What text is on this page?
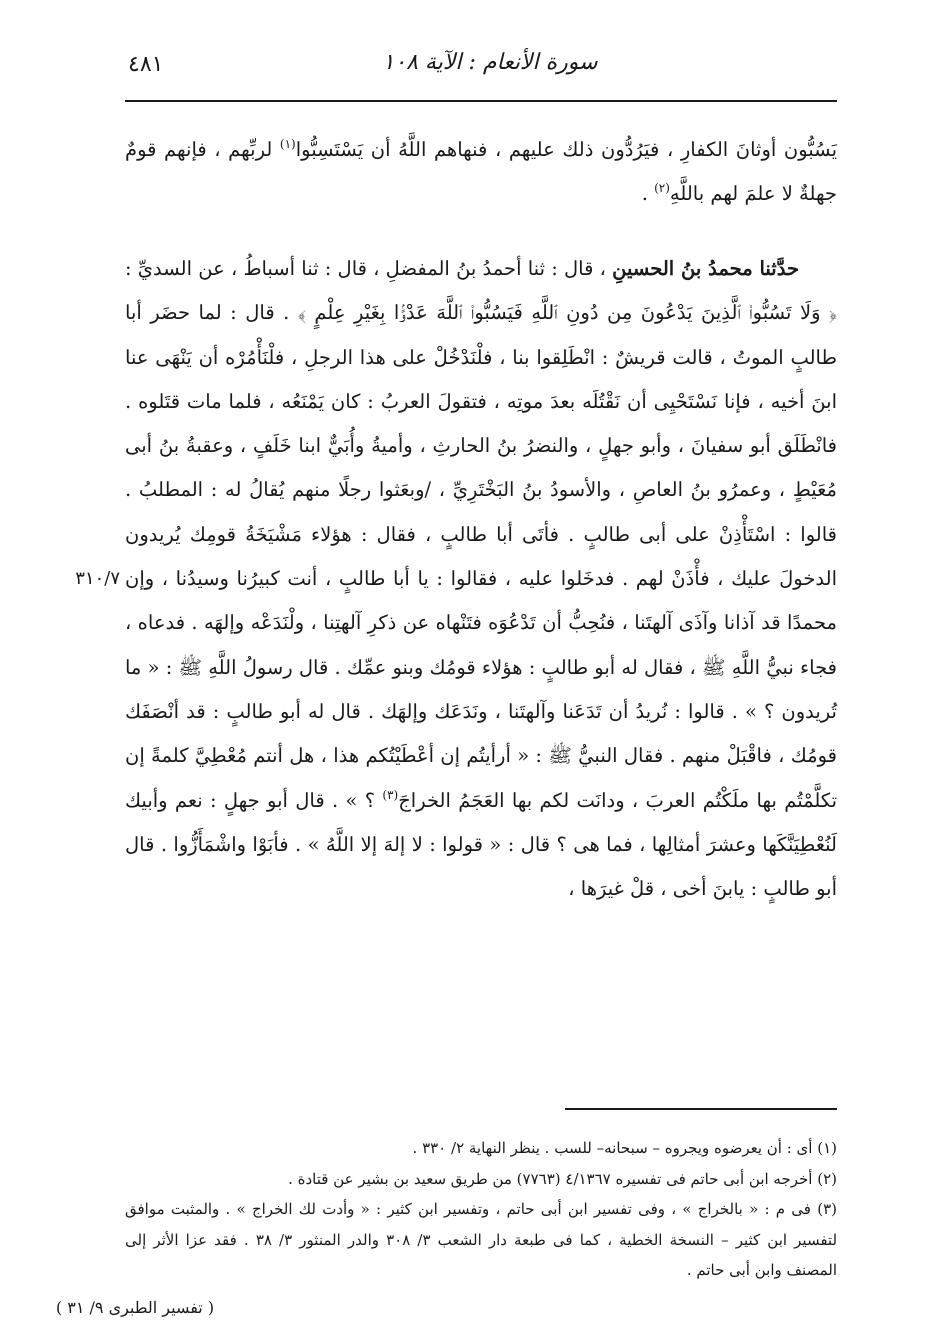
سورة الأنعام : الآية ١٠٨
٤٨١

يَسُبُّون أوثانَ الكفارِ ، فيَرُدُّون ذلك عليهم ، فنهاهم اللَّهُ أن يَسْتَسِبُّوا$^{(١)}$ لربِّهم ، فإنهم قومٌ جهلةٌ لا علمَ لهم باللَّهِ$^{(٢)}$ .

حدَّثنا محمدُ بنُ الحسينِ ، قال : ثنا أحمدُ بنُ المفضلِ ، قال : ثنا أسباطُ ، عن السديِّ : ﴿ وَلَا تَسُبُّوا۟ ٱلَّذِينَ يَدْعُونَ مِن دُونِ ٱللَّهِ فَيَسُبُّوا۟ ٱللَّهَ عَدْوًۢا بِغَيْرِ عِلْمٍ ﴾ . قال : لما حضَر أبا طالبٍ الموتُ ، قالت قريشٌ : انْطَلِقوا بنا ، فلْنَدْخُلْ على هذا الرجلِ ، فلْنَأْمُرْه أن يَنْهَى عنا ابنَ أخيه ، فإنا نَسْتَحْيِى أن نَقْتُلَه بعدَ موتِه ، فتقولَ العربُ : كان يَمْنَعُه ، فلما مات قتَلوه . فانْطَلَق أبو سفيانَ ، وأبو جهلٍ ، والنضرُ بنُ الحارثِ ، وأميةُ وأُبَيٌّ ابنا خَلَفٍ ، وعقبةُ بنُ أبى مُعَيْطٍ ، وعمرُو بنُ العاصِ ، والأسودُ بنُ البَخْتَرِيِّ ، /وبعَثوا رجلًا منهم يُقالُ له : المطلبُ . قالوا : اسْتَأْذِنْ على أبى طالبٍ . فأتَى أبا طالبٍ ، فقال : هؤلاء مَشْيَخَةُ قومِك يُريدون الدخولَ عليك ، فأْذَنْ لهم . فدخَلوا عليه ، فقالوا : يا أبا طالبٍ ، أنت كبيرُنا وسيدُنا ، وإن محمدًا قد آذانا وآذَى آلهتَنا ، فنُحِبُّ أن تَدْعُوَه فتَنْهاه عن ذكرِ آلهتِنا ، ولْنَدَعْه وإلهَه . فدعاه ، فجاء نبيُّ اللَّهِ ﷺ ، فقال له أبو طالبٍ : هؤلاء قومُك وبنو عمِّك . قال رسولُ اللَّهِ ﷺ : « ما تُريدون ؟ » . قالوا : نُريدُ أن تَدَعَنا وآلهتَنا ، ونَدَعَك وإلهَك . قال له أبو طالبٍ : قد أنْصَفَك قومُك ، فاقْبَلْ منهم . فقال النبيُّ ﷺ : « أرأيتُم إن أعْطَيْتُكم هذا ، هل أنتم مُعْطِيَّ كلمةً إن تكلَّمْتُم بها ملَكْتُم العربَ ، ودانَت لكم بها العَجَمُ الخراجَ$^{(٣)}$ ؟ » . قال أبو جهلٍ : نعم وأبيك لَنُعْطِيَنَّكَها وعشرَ أمثالِها ، فما هى ؟ قال : « قولوا : لا إلهَ إلا اللَّهُ » . فأبَوْا واشْمَأَزُّوا . قال أبو طالبٍ : يابنَ أخى ، قلْ غيرَها ،

٣١٠/٧

(١) أى : أن يعرضوه ويجروه – سبحانه– للسب . ينظر النهاية ٢/ ٣٣٠ .

(٢) أخرجه ابن أبى حاتم فى تفسيره ٤/١٣٦٧ (٧٧٦٣) من طريق سعيد بن بشير عن قتادة .

(٣) فى م : « بالخراج » ، وفى تفسير ابن أبى حاتم ، وتفسير ابن كثير : « وأدت لك الخراج » . والمثبت موافق لتفسير ابن كثير – النسخة الخطية ، كما فى طبعة دار الشعب ٣/ ٣٠٨ والدر المنثور ٣/ ٣٨ . فقد عزا الأثر إلى المصنف وابن أبى حاتم .

( تفسير الطبرى ٩/ ٣١ )
